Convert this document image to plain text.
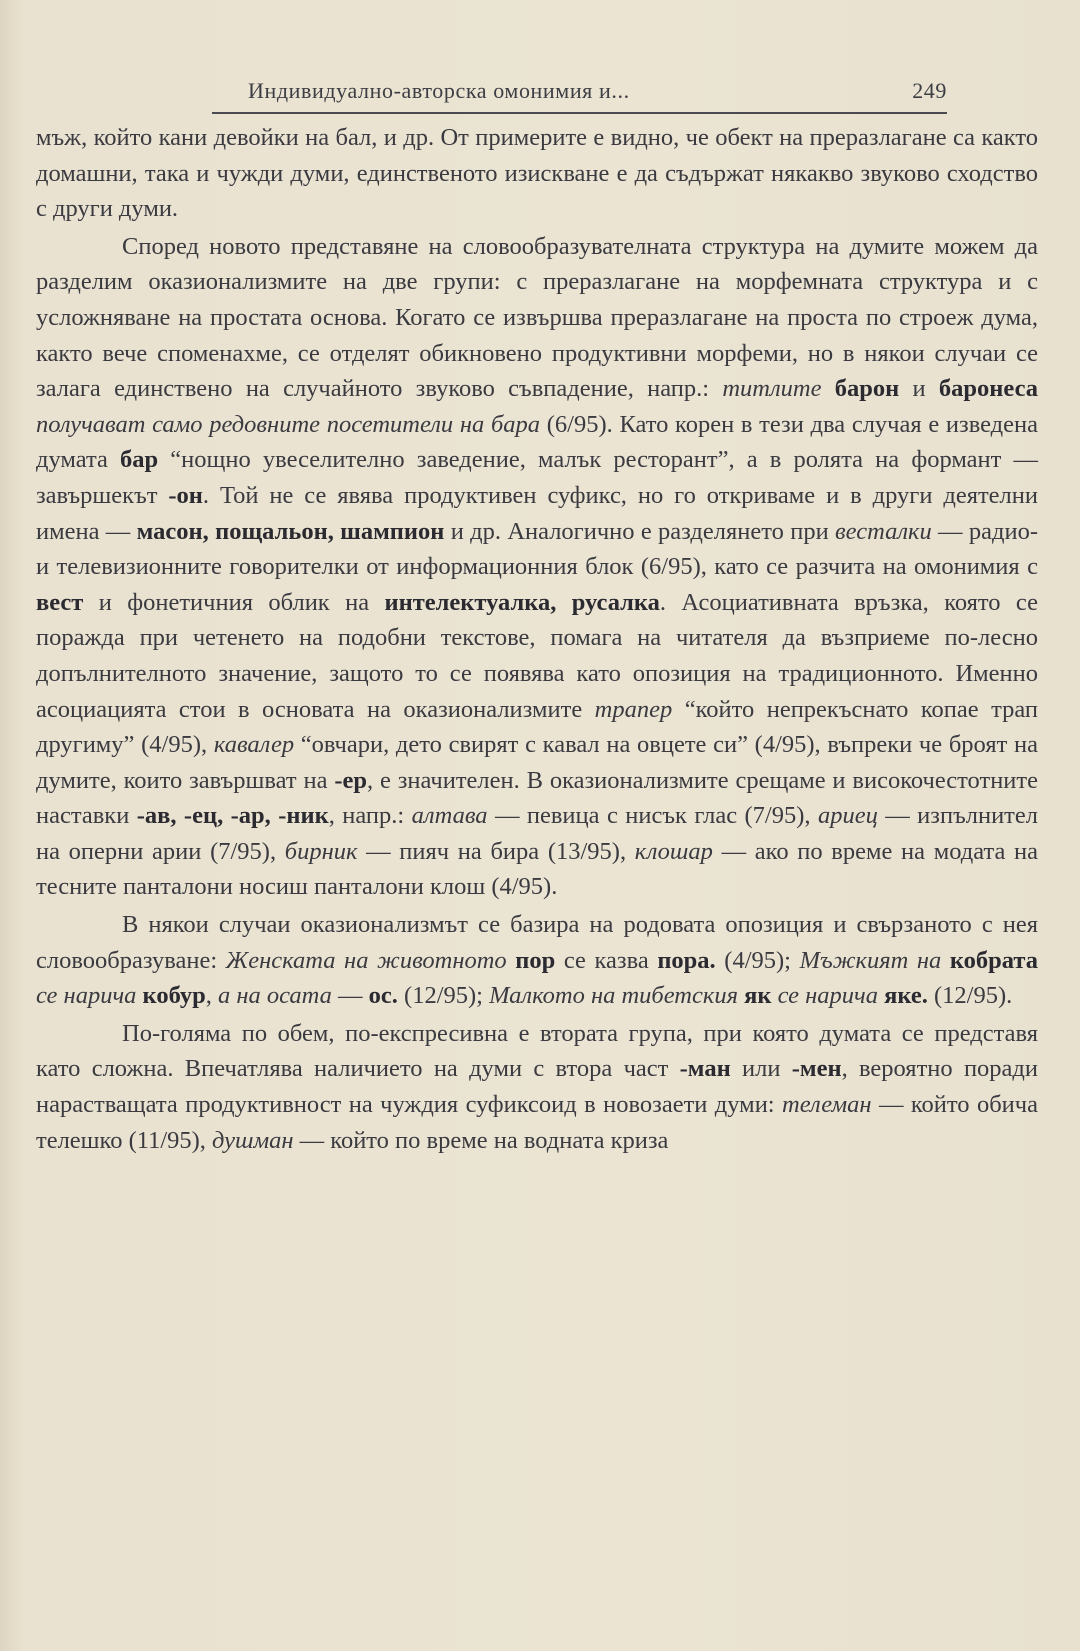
Индивидуално-авторска омонимия и...	249

мъж, който кани девойки на бал, и др. От примерите е видно, че обект на преразлагане са както домашни, така и чужди думи, единственото изискване е да съдържат някакво звуково сходство с други думи.

Според новото представяне на словообразувателната структура на думите можем да разделим оказионализмите на две групи: с преразлагане на морфемната структура и с усложняване на простата основа. Когато се извършва преразлагане на проста по строеж дума, както вече споменахме, се отделят обикновено продуктивни морфеми, но в някои случаи се залага единствено на случайното звуково съвпадение, напр.: титлите барон и баронеса получават само редовните посетители на бара (6/95). Като корен в тези два случая е изведена думата бар “нощно увеселително заведение, малък ресторант”, а в ролята на формант — завършекът -он. Той не се явява продуктивен суфикс, но го откриваме и в други деятелни имена — масон, пощальон, шампион и др. Аналогично е разделянето при весталки — радио- и телевизионните говорителки от информационния блок (6/95), като се разчита на омонимия с вест и фонетичния облик на интелектуалка, русалка. Асоциативната връзка, която се поражда при четенето на подобни текстове, помага на читателя да възприеме по-лесно допълнителното значение, защото то се появява като опозиция на традиционното. Именно асоциацията стои в основата на оказионализмите трапер “който непрекъснато копае трап другиму” (4/95), кавалер “овчари, дето свирят с кавал на овцете си” (4/95), въпреки че броят на думите, които завършват на -ер, е значителен. В оказионализмите срещаме и високочестотните наставки -ав, -ец, -ар, -ник, напр.: алтава — певица с нисък глас (7/95), ариец — изпълнител на оперни арии (7/95), бирник — пияч на бира (13/95), клошар — ако по време на модата на тесните панталони носиш панталони клош (4/95).

В някои случаи оказионализмът се базира на родовата опозиция и свързаното с нея словообразуване: Женската на животното пор се казва пора. (4/95); Мъжкият на кобрата се нарича кобур, а на осата — ос. (12/95); Малкото на тибетския як се нарича яке. (12/95).

По-голяма по обем, по-експресивна е втората група, при която думата се представя като сложна. Впечатлява наличието на думи с втора част -ман или -мен, вероятно поради нарастващата продуктивност на чуждия суфиксоид в новозаети думи: телеман — който обича телешко (11/95), душман — който по време на водната криза
